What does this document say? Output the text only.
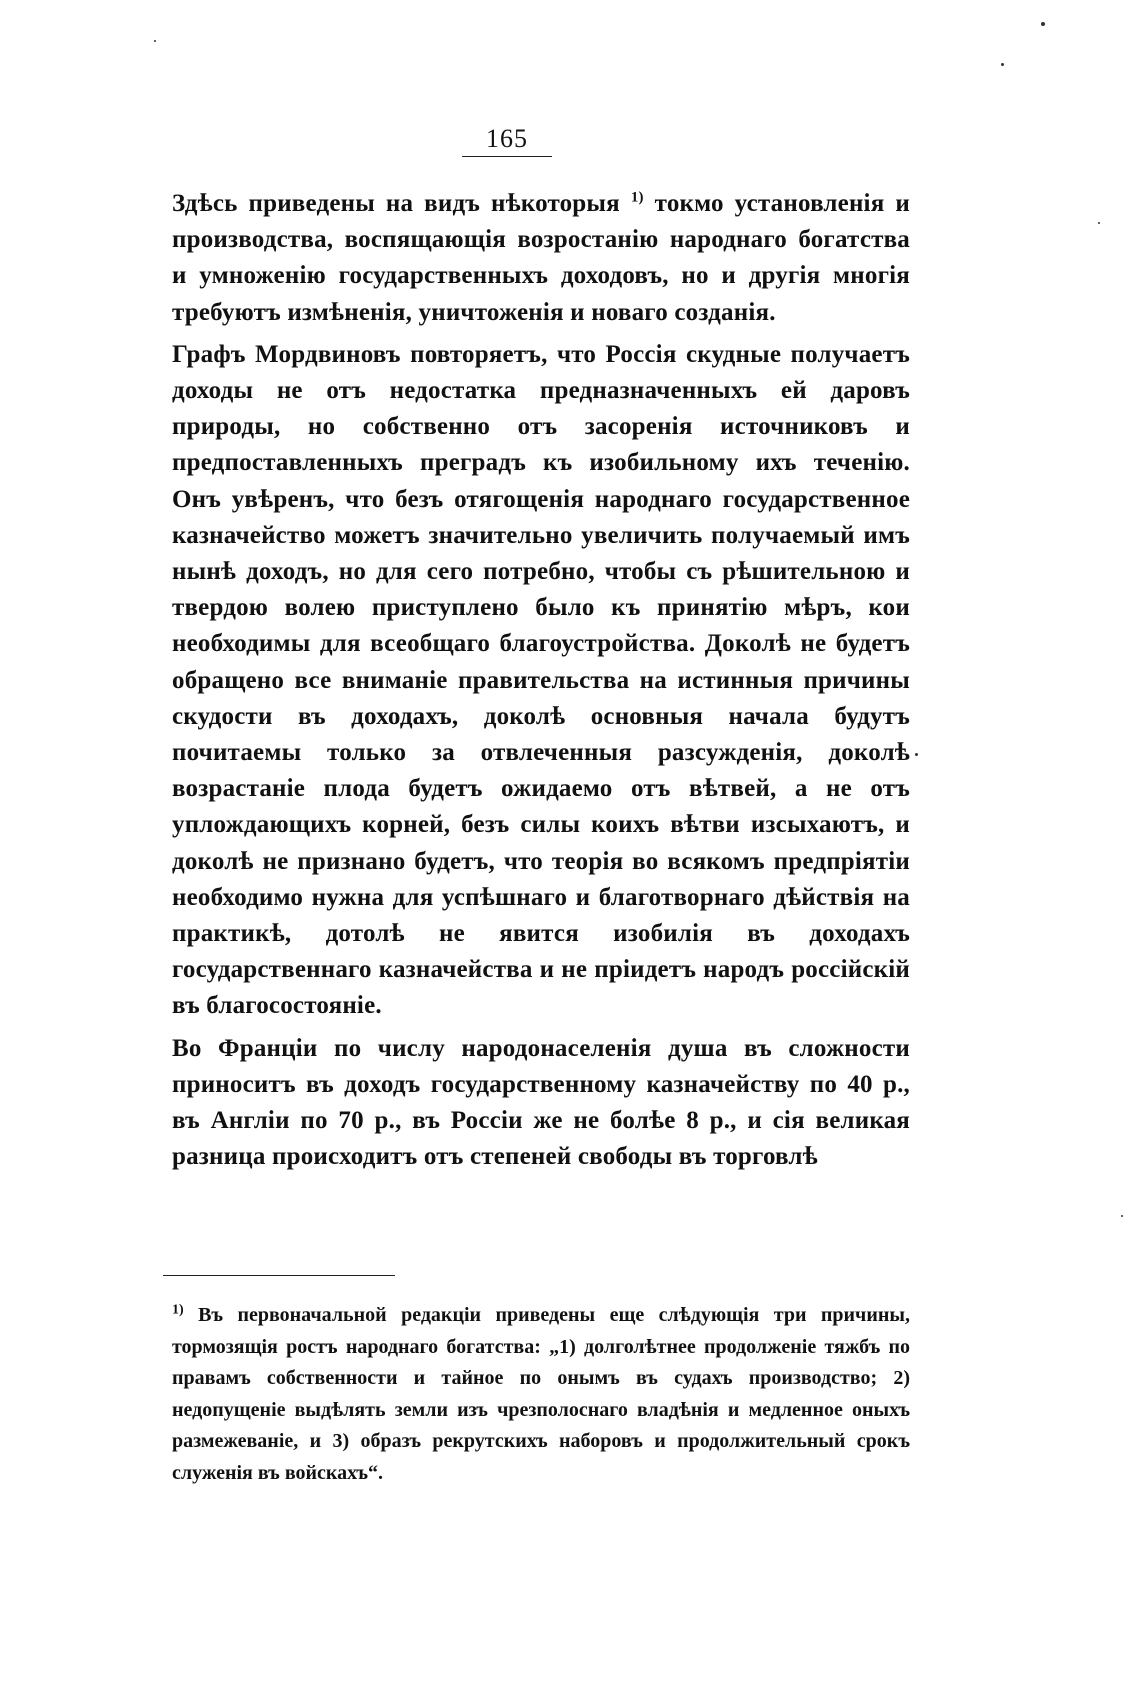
165

Здѣсь приведены на видъ нѣкоторыя $^{1)}$ токмо установленія и производства, воспящающія возростанію народнаго богатства и умноженію государственныхъ доходовъ, но и другія многія требуютъ измѣненія, уничтоженія и новаго созданія.

Графъ Мордвиновъ повторяетъ, что Россія скудные получаетъ доходы не отъ недостатка предназначенныхъ ей даровъ природы, но собственно отъ засоренія источниковъ и предпоставленныхъ преградъ къ изобильному ихъ теченію. Онъ увѣренъ, что безъ отягощенія народнаго государственное казначейство можетъ значительно увеличить получаемый имъ нынѣ доходъ, но для сего потребно, чтобы съ рѣшительною и твердою волею приступлено было къ принятію мѣръ, кои необходимы для всеобщаго благоустройства. Доколѣ не будетъ обращено все вниманіе правительства на истинныя причины скудости въ доходахъ, доколѣ основныя начала будутъ почитаемы только за отвлеченныя разсужденія, доколѣ возрастаніе плода будетъ ожидаемо отъ вѣтвей, а не отъ уплождающихъ корней, безъ силы коихъ вѣтви изсыхаютъ, и доколѣ не признано будетъ, что теорія во всякомъ предпріятіи необходимо нужна для успѣшнаго и благотворнаго дѣйствія на практикѣ, дотолѣ не явится изобилія въ доходахъ государственнаго казначейства и не пріидетъ народъ россійскій въ благосостояніе.

Во Франціи по числу народонаселенія душа въ сложности приноситъ въ доходъ государственному казначейству по 40 р., въ Англіи по 70 р., въ Россіи же не болѣе 8 р., и сія великая разница происходитъ отъ степеней свободы въ торговлѣ

$^{1)}$ Въ первоначальной редакціи приведены еще слѣдующія три причины, тормозящія ростъ народнаго богатства: „1) долголѣтнее продолженіе тяжбъ по правамъ собственности и тайное по онымъ въ судахъ производство; 2) недопущеніе выдѣлять земли изъ чрезполоснаго владѣнія и медленное оныхъ размежеваніе, и 3) образъ рекрутскихъ наборовъ и продолжительный срокъ служенія въ войскахъ“.
